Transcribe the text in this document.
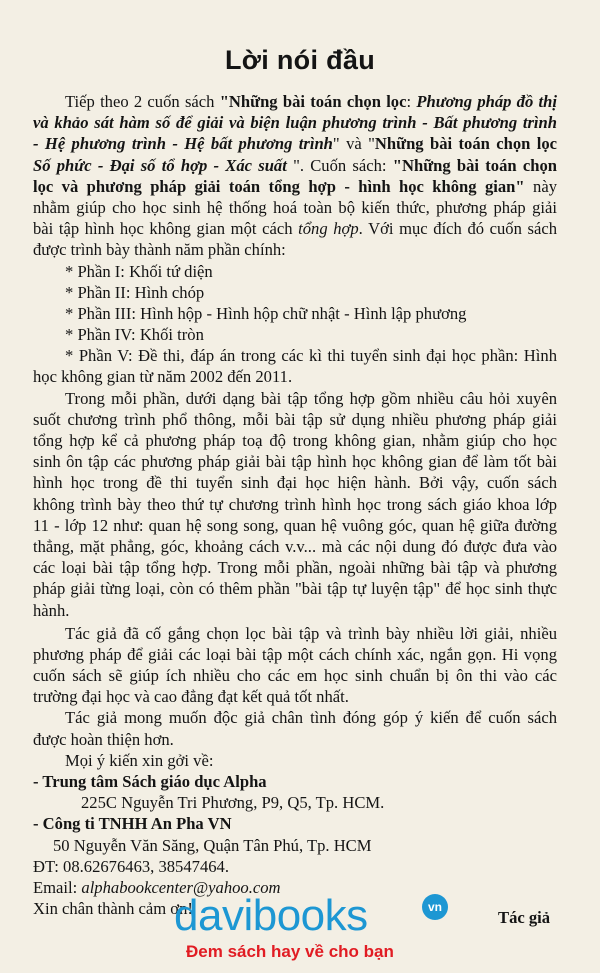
Lời nói đầu
Tiếp theo 2 cuốn sách "Những bài toán chọn lọc: Phương pháp đồ thị
và khảo sát hàm số để giải và biện luận phương trình - Bất phương trình
- Hệ phương trình - Hệ bất phương trình" và "Những bài toán chọn lọc
Số phức - Đại số tổ hợp - Xác suất ". Cuốn sách: "Những bài toán chọn
lọc và phương pháp giải toán tổng hợp - hình học không gian" này
nhằm giúp cho học sinh hệ thống hoá toàn bộ kiến thức, phương pháp giải
bài tập hình học không gian một cách tổng hợp. Với mục đích đó cuốn sách
được trình bày thành năm phần chính:
* Phần I: Khối tứ diện
* Phần II: Hình chóp
* Phần III: Hình hộp - Hình hộp chữ nhật - Hình lập phương
* Phần IV: Khối tròn
* Phần V: Đề thi, đáp án trong các kì thi tuyển sinh đại học phần: Hình
học không gian từ năm 2002 đến 2011.
Trong mỗi phần, dưới dạng bài tập tổng hợp gồm nhiều câu hỏi xuyên
suốt chương trình phổ thông, mỗi bài tập sử dụng nhiều phương pháp giải
tổng hợp kể cả phương pháp toạ độ trong không gian, nhằm giúp cho học
sinh ôn tập các phương pháp giải bài tập hình học không gian để làm tốt bài
hình học trong đề thi tuyển sinh đại học hiện hành. Bởi vậy, cuốn sách
không trình bày theo thứ tự chương trình hình học trong sách giáo khoa lớp
11 - lớp 12 như: quan hệ song song, quan hệ vuông góc, quan hệ giữa đường
thẳng, mặt phẳng, góc, khoảng cách v.v... mà các nội dung đó được đưa vào
các loại bài tập tổng hợp. Trong mỗi phần, ngoài những bài tập và phương
pháp giải từng loại, còn có thêm phần "bài tập tự luyện tập" để học sinh thực
hành.
Tác giả đã cố gắng chọn lọc bài tập và trình bày nhiều lời giải, nhiều
phương pháp để giải các loại bài tập một cách chính xác, ngắn gọn. Hi vọng
cuốn sách sẽ giúp ích nhiều cho các em học sinh chuẩn bị ôn thi vào các
trường đại học và cao đẳng đạt kết quả tốt nhất.
Tác giả mong muốn độc giả chân tình đóng góp ý kiến để cuốn sách
được hoàn thiện hơn.
Mọi ý kiến xin gởi về:
- Trung tâm Sách giáo dục Alpha
225C Nguyễn Tri Phương, P9, Q5, Tp. HCM.
- Công ti TNHH An Pha VN
50 Nguyễn Văn Săng, Quận Tân Phú, Tp. HCM
ĐT: 08.62676463, 38547464.
Email: alphabookcenter@yahoo.com
Xin chân thành cảm ơn!	Tác giả
davibooks	vn
Đem sách hay về cho bạn
